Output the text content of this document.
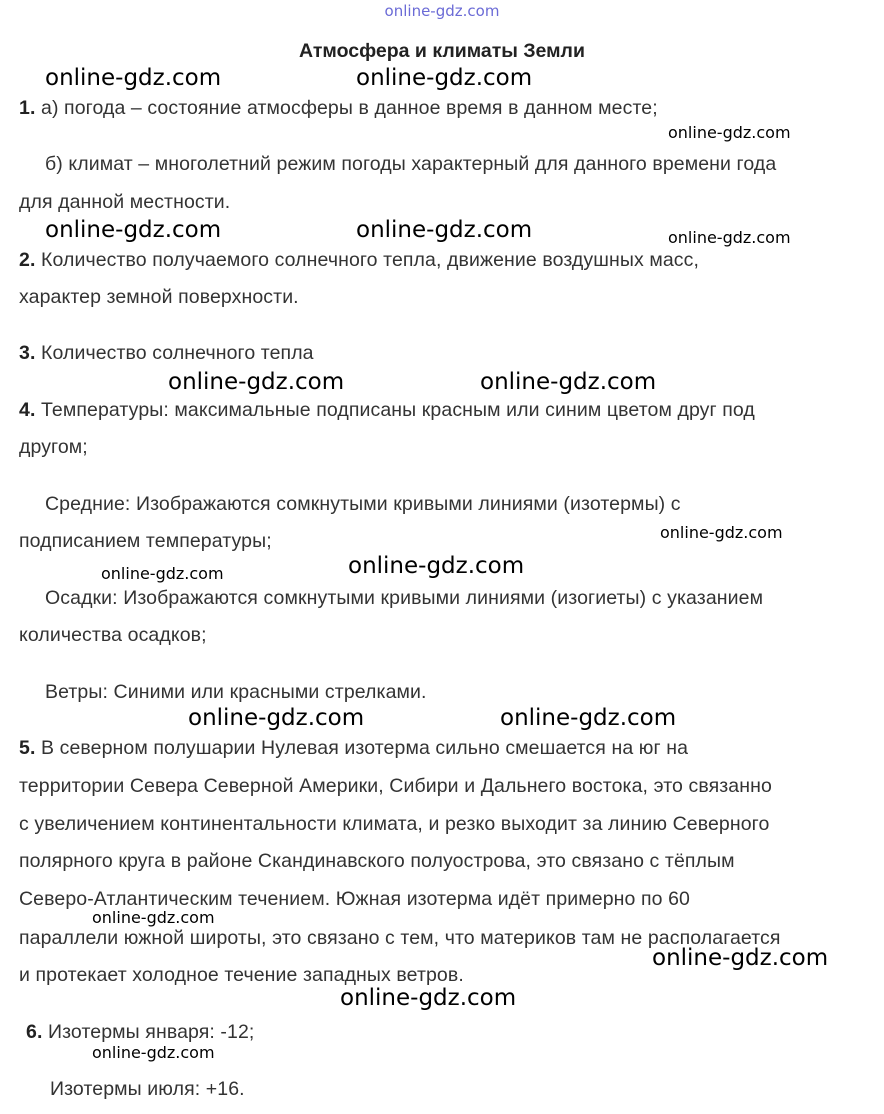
online-gdz.com
Атмосфера и климаты Земли
1. а) погода – состояние атмосферы в данное время в данном месте;
б) климат – многолетний режим погоды характерный для данного времени года
для данной местности.
2. Количество получаемого солнечного тепла, движение воздушных масс,
характер земной поверхности.
3. Количество солнечного тепла
4. Температуры: максимальные подписаны красным или синим цветом друг под
другом;
Средние: Изображаются сомкнутыми кривыми линиями (изотермы) с
подписанием температуры;
Осадки: Изображаются сомкнутыми кривыми линиями (изогиеты) с указанием
количества осадков;
Ветры: Синими или красными стрелками.
5. В северном полушарии Нулевая изотерма сильно смешается на юг на
территории Севера Северной Америки, Сибири и Дальнего востока, это связанно
с увеличением континентальности климата, и резко выходит за линию Северного
полярного круга в районе Скандинавского полуострова, это связано с тёплым
Северо-Атлантическим течением. Южная изотерма идёт примерно по 60
параллели южной широты, это связано с тем, что материков там не располагается
и протекает холодное течение западных ветров.
6. Изотермы января: -12;
Изотермы июля: +16.
online-gdz.com	online-gdz.com
online-gdz.com
online-gdz.com	online-gdz.com	online-gdz.com
online-gdz.com	online-gdz.com
online-gdz.com
online-gdz.com	online-gdz.com
online-gdz.com	online-gdz.com
online-gdz.com
online-gdz.com
online-gdz.com
online-gdz.com
